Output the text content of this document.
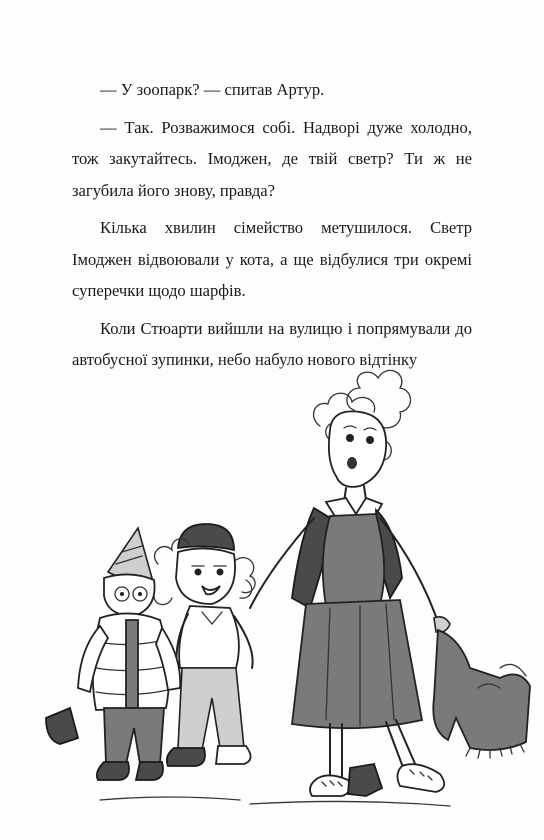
— У зоопарк? — спитав Артур.

— Так. Розважимося собі. Надворі дуже холодно, тож закутайтесь. Імоджен, де твій светр? Ти ж не загубила його знову, правда?

Кілька хвилин сімейство метушилося. Светр Імоджен відвоювали у кота, а ще відбулися три окремі суперечки щодо шарфів.

Коли Стюарти вийшли на вулицю і попрямували до автобусної зупинки, небо набуло нового відтінку
